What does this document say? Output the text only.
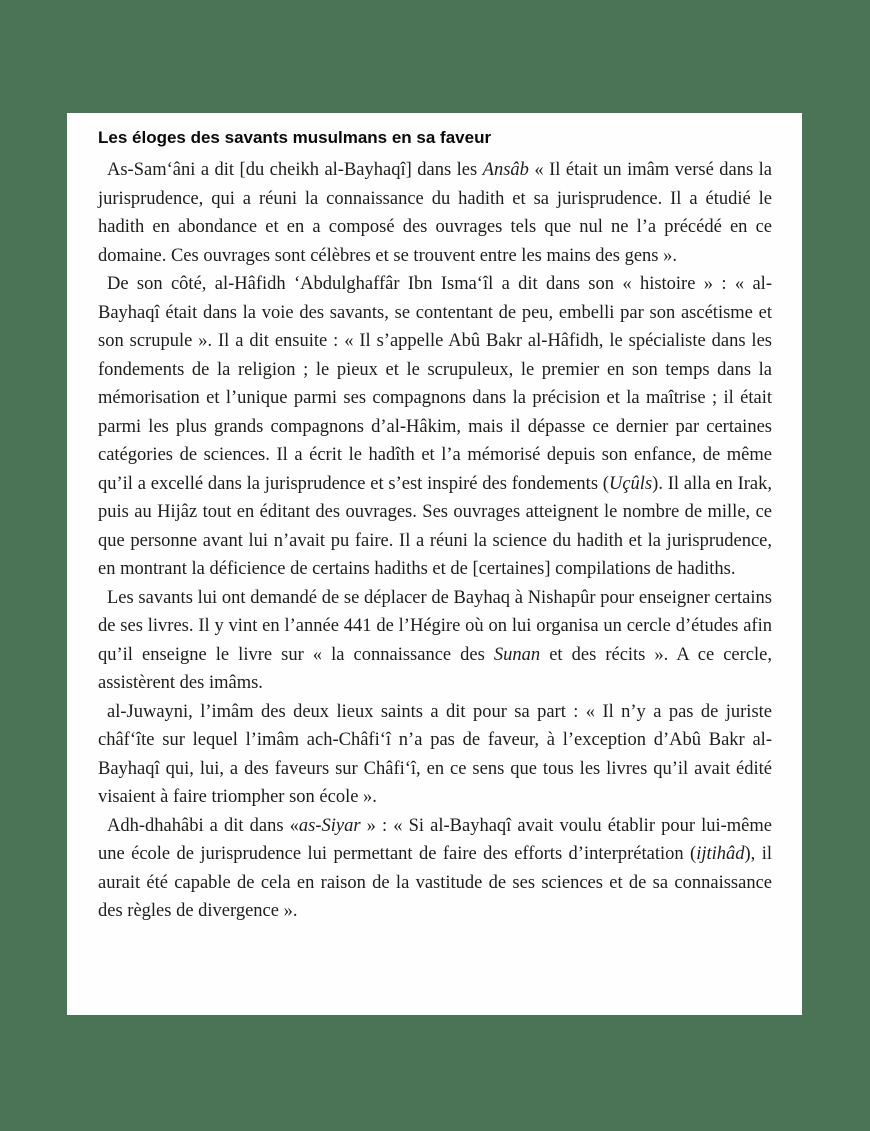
Les éloges des savants musulmans en sa faveur

As-Sam‘âni a dit [du cheikh al-Bayhaqî] dans les Ansâb « Il était un imâm versé dans la jurisprudence, qui a réuni la connaissance du hadith et sa jurisprudence. Il a étudié le hadith en abondance et en a composé des ouvrages tels que nul ne l’a précédé en ce domaine. Ces ouvrages sont célèbres et se trouvent entre les mains des gens ».

De son côté, al-Hâfidh ‘Abdulghaffâr Ibn Isma‘îl a dit dans son « histoire » : « al-Bayhaqî était dans la voie des savants, se contentant de peu, embelli par son ascétisme et son scrupule ». Il a dit ensuite : « Il s’appelle Abû Bakr al-Hâfidh, le spécialiste dans les fondements de la religion ; le pieux et le scrupuleux, le premier en son temps dans la mémorisation et l’unique parmi ses compagnons dans la précision et la maîtrise ; il était parmi les plus grands compagnons d’al-Hâkim, mais il dépasse ce dernier par certaines catégories de sciences. Il a écrit le hadîth et l’a mémorisé depuis son enfance, de même qu’il a excellé dans la jurisprudence et s’est inspiré des fondements (Uçûls). Il alla en Irak, puis au Hijâz tout en éditant des ouvrages. Ses ouvrages atteignent le nombre de mille, ce que personne avant lui n’avait pu faire. Il a réuni la science du hadith et la jurisprudence, en montrant la déficience de certains hadiths et de [certaines] compilations de hadiths.

Les savants lui ont demandé de se déplacer de Bayhaq à Nishapûr pour enseigner certains de ses livres. Il y vint en l’année 441 de l’Hégire où on lui organisa un cercle d’études afin qu’il enseigne le livre sur « la connaissance des Sunan et des récits ». A ce cercle, assistèrent des imâms.

al-Juwayni, l’imâm des deux lieux saints a dit pour sa part : « Il n’y a pas de juriste châf‘îte sur lequel l’imâm ach-Châfi‘î n’a pas de faveur, à l’exception d’Abû Bakr al-Bayhaqî qui, lui, a des faveurs sur Châfi‘î, en ce sens que tous les livres qu’il avait édité visaient à faire triompher son école ».

Adh-dhahâbi a dit dans «as-Siyar » : « Si al-Bayhaqî avait voulu établir pour lui-même une école de jurisprudence lui permettant de faire des efforts d’interprétation (ijtihâd), il aurait été capable de cela en raison de la vastitude de ses sciences et de sa connaissance des règles de divergence ».
